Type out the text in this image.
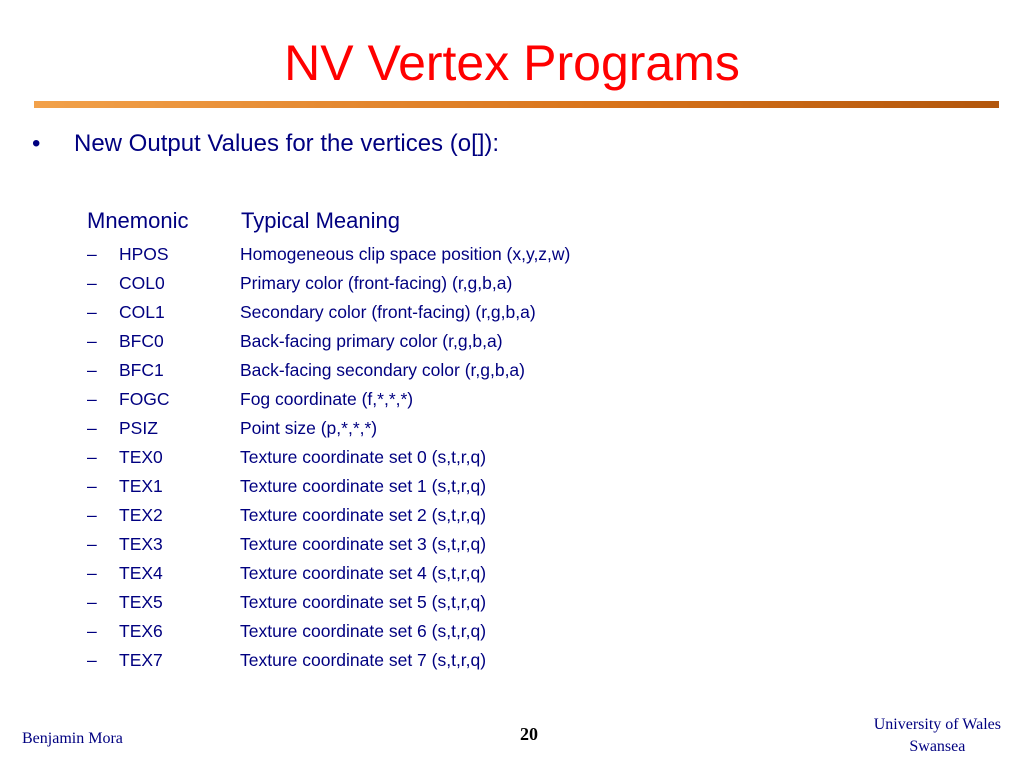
NV Vertex Programs
• New Output Values for the vertices (o[]):
Mnemonic Typical Meaning
– HPOS	Homogeneous clip space position (x,y,z,w)
– COL0	Primary color (front-facing) (r,g,b,a)
– COL1	Secondary color (front-facing) (r,g,b,a)
– BFC0	Back-facing primary color (r,g,b,a)
– BFC1	Back-facing secondary color (r,g,b,a)
– FOGC	Fog coordinate (f,*,*,*)
– PSIZ	Point size (p,*,*,*)
– TEX0	Texture coordinate set 0 (s,t,r,q)
– TEX1	Texture coordinate set 1 (s,t,r,q)
– TEX2	Texture coordinate set 2 (s,t,r,q)
– TEX3	Texture coordinate set 3 (s,t,r,q)
– TEX4	Texture coordinate set 4 (s,t,r,q)
– TEX5	Texture coordinate set 5 (s,t,r,q)
– TEX6	Texture coordinate set 6 (s,t,r,q)
– TEX7	Texture coordinate set 7 (s,t,r,q)
Benjamin Mora	20	University of Wales
Swansea
